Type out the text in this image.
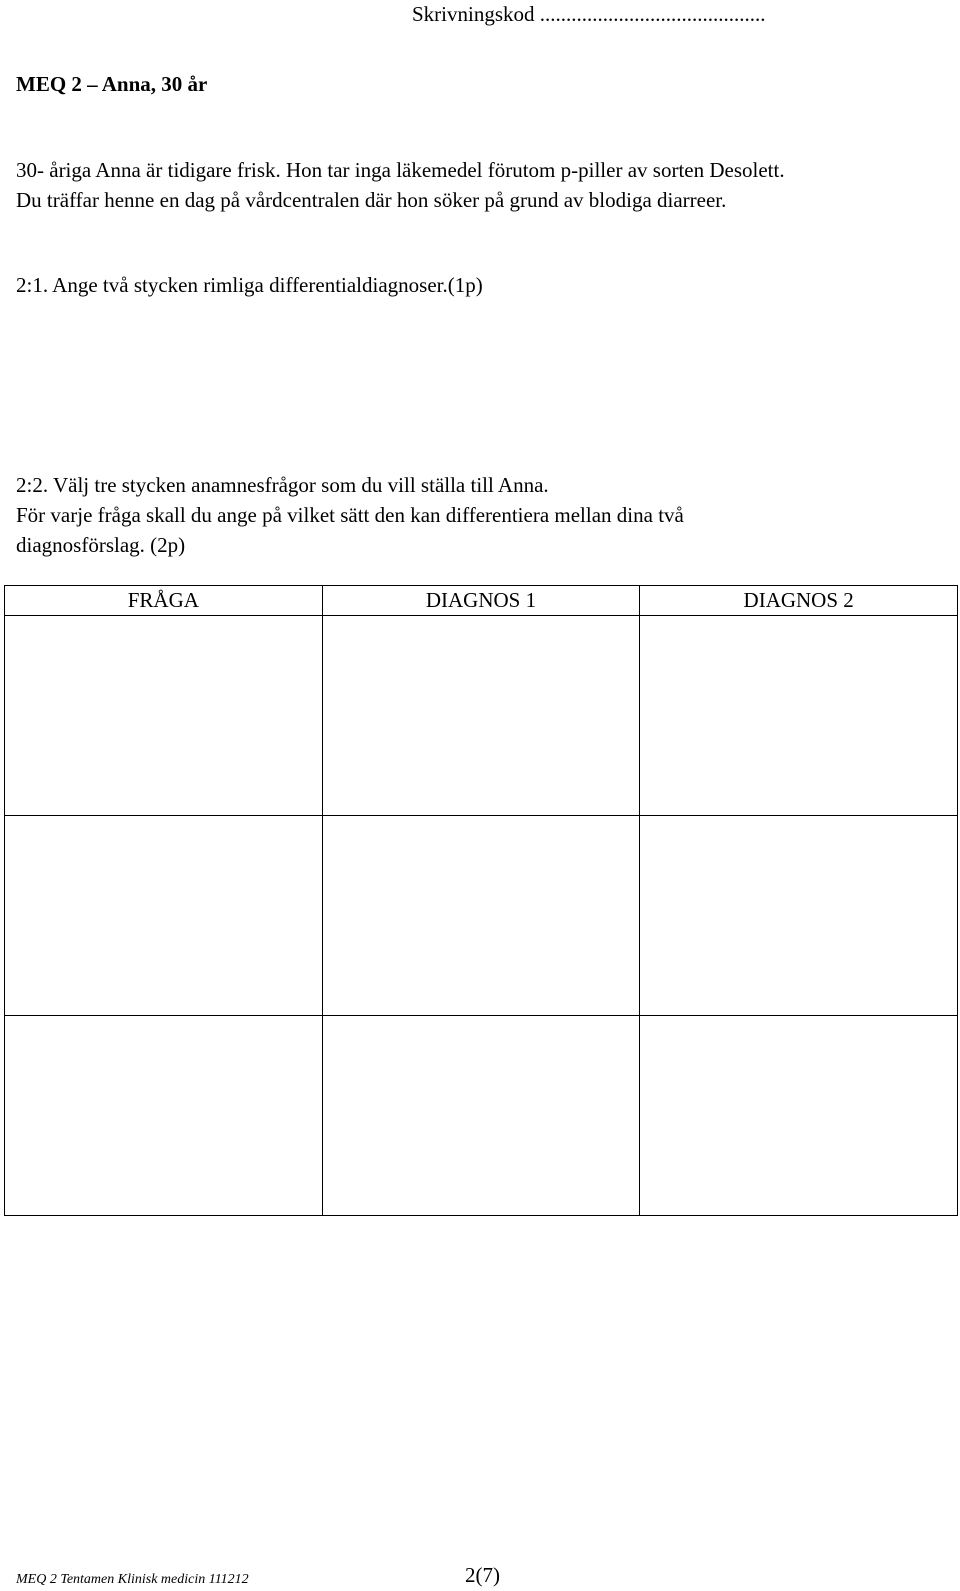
Skrivningskod ...........................................
MEQ 2 – Anna, 30 år
30- åriga Anna är tidigare frisk. Hon tar inga läkemedel förutom p-piller av sorten Desolett.
Du träffar henne en dag på vårdcentralen där hon söker på grund av blodiga diarreer.
2:1. Ange två stycken rimliga differentialdiagnoser.(1p)
2:2. Välj tre stycken anamnesfrågor som du vill ställa till Anna.
För varje fråga skall du ange på vilket sätt den kan differentiera mellan dina två
diagnosförslag. (2p)
FRÅGA	DIAGNOS 1	DIAGNOS 2

MEQ 2 Tentamen Klinisk medicin 111212	2(7)
